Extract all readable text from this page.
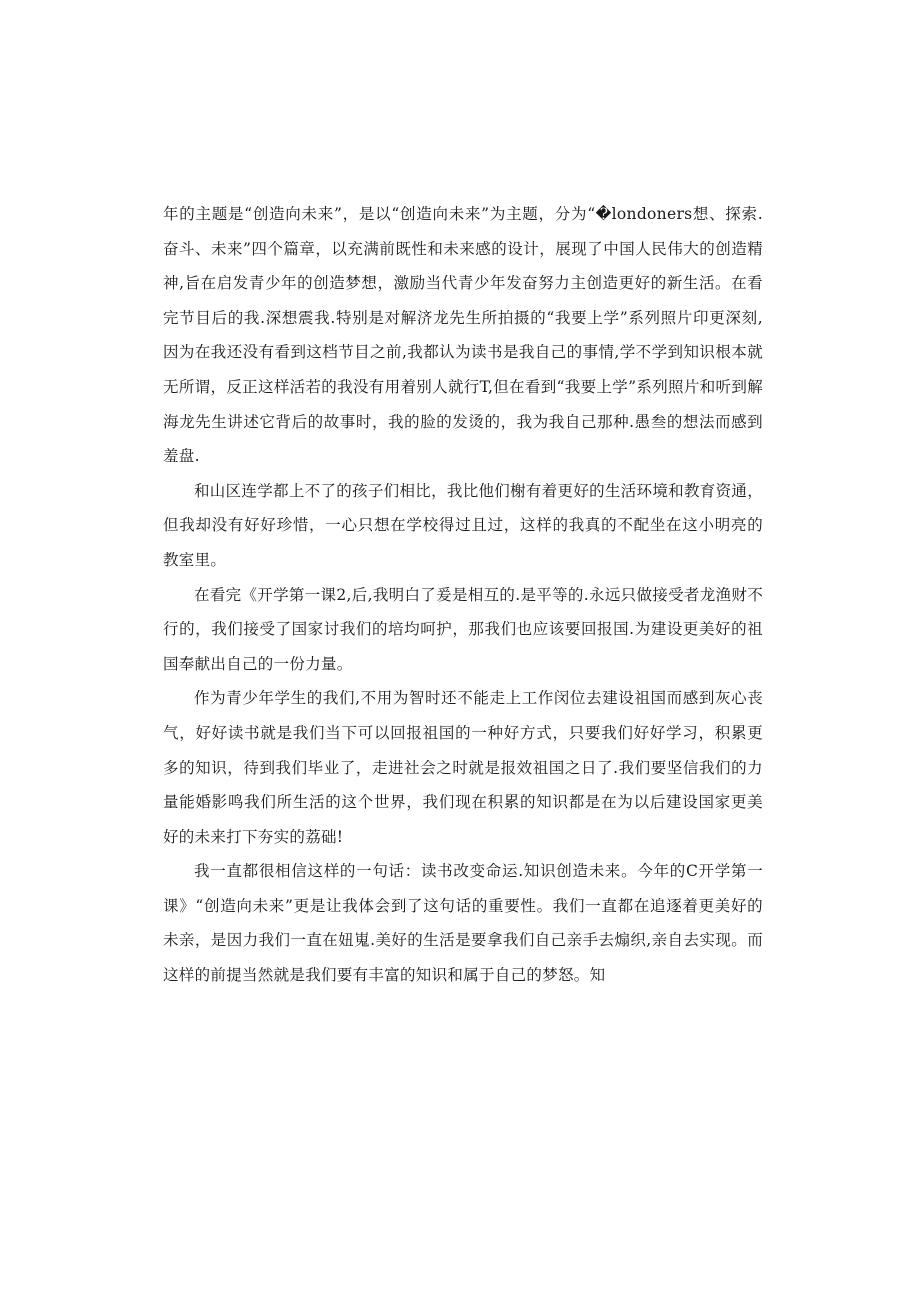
年的主题是“创造向未来”，是以“创造向未来”为主题，分为“�londoners想、探索.奋斗、未来”四个篇章，以充满前既性和未来感的设计，展现了中国人民伟大的创造精神,旨在启发青少年的创造梦想，激励当代青少年发奋努力主创造更好的新生活。在看完节目后的我.深想震我.特别是对解济龙先生所拍摄的“我要上学”系列照片印更深刻,因为在我还没有看到这档节目之前,我都认为读书是我自己的事情,学不学到知识根本就无所谓，反正这样活若的我没有用着别人就行T,但在看到“我要上学”系列照片和听到解海龙先生讲述它背后的故事时，我的脸的发烫的，我为我自己那种.愚叁的想法而感到羞盘.

和山区连学都上不了的孩子们相比，我比他们榭有着更好的生活环境和教育资通，但我却没有好好珍惜，一心只想在学校得过且过，这样的我真的不配坐在这小明亮的教室里。

在看完《开学第一课2,后,我明白了爰是相互的.是平等的.永远只做接受者龙渔财不行的，我们接受了国家讨我们的培均呵护，那我们也应该要回报国.为建设更美好的祖国奉献出自己的一份力量。

作为青少年学生的我们,不用为智时还不能走上工作闵位去建设祖国而感到灰心丧气，好好读书就是我们当下可以回报祖国的一种好方式，只要我们好好学习，积累更多的知识，待到我们毕业了，走进社会之时就是报效祖国之日了.我们要坚信我们的力量能婚影鸣我们所生活的这个世界，我们现在积累的知识都是在为以后建设国家更美好的未来打下夯实的荔础!

我一直都很相信这样的一句话：读书改变命运.知识创造未来。今年的C开学第一课》“创造向未来”更是让我体会到了这句话的重要性。我们一直都在追逐着更美好的未亲，是因力我们一直在妞嵬.美好的生活是要拿我们自己亲手去煽织,亲自去实现。而这样的前提当然就是我们要有丰富的知识和属于自己的梦怒。知
